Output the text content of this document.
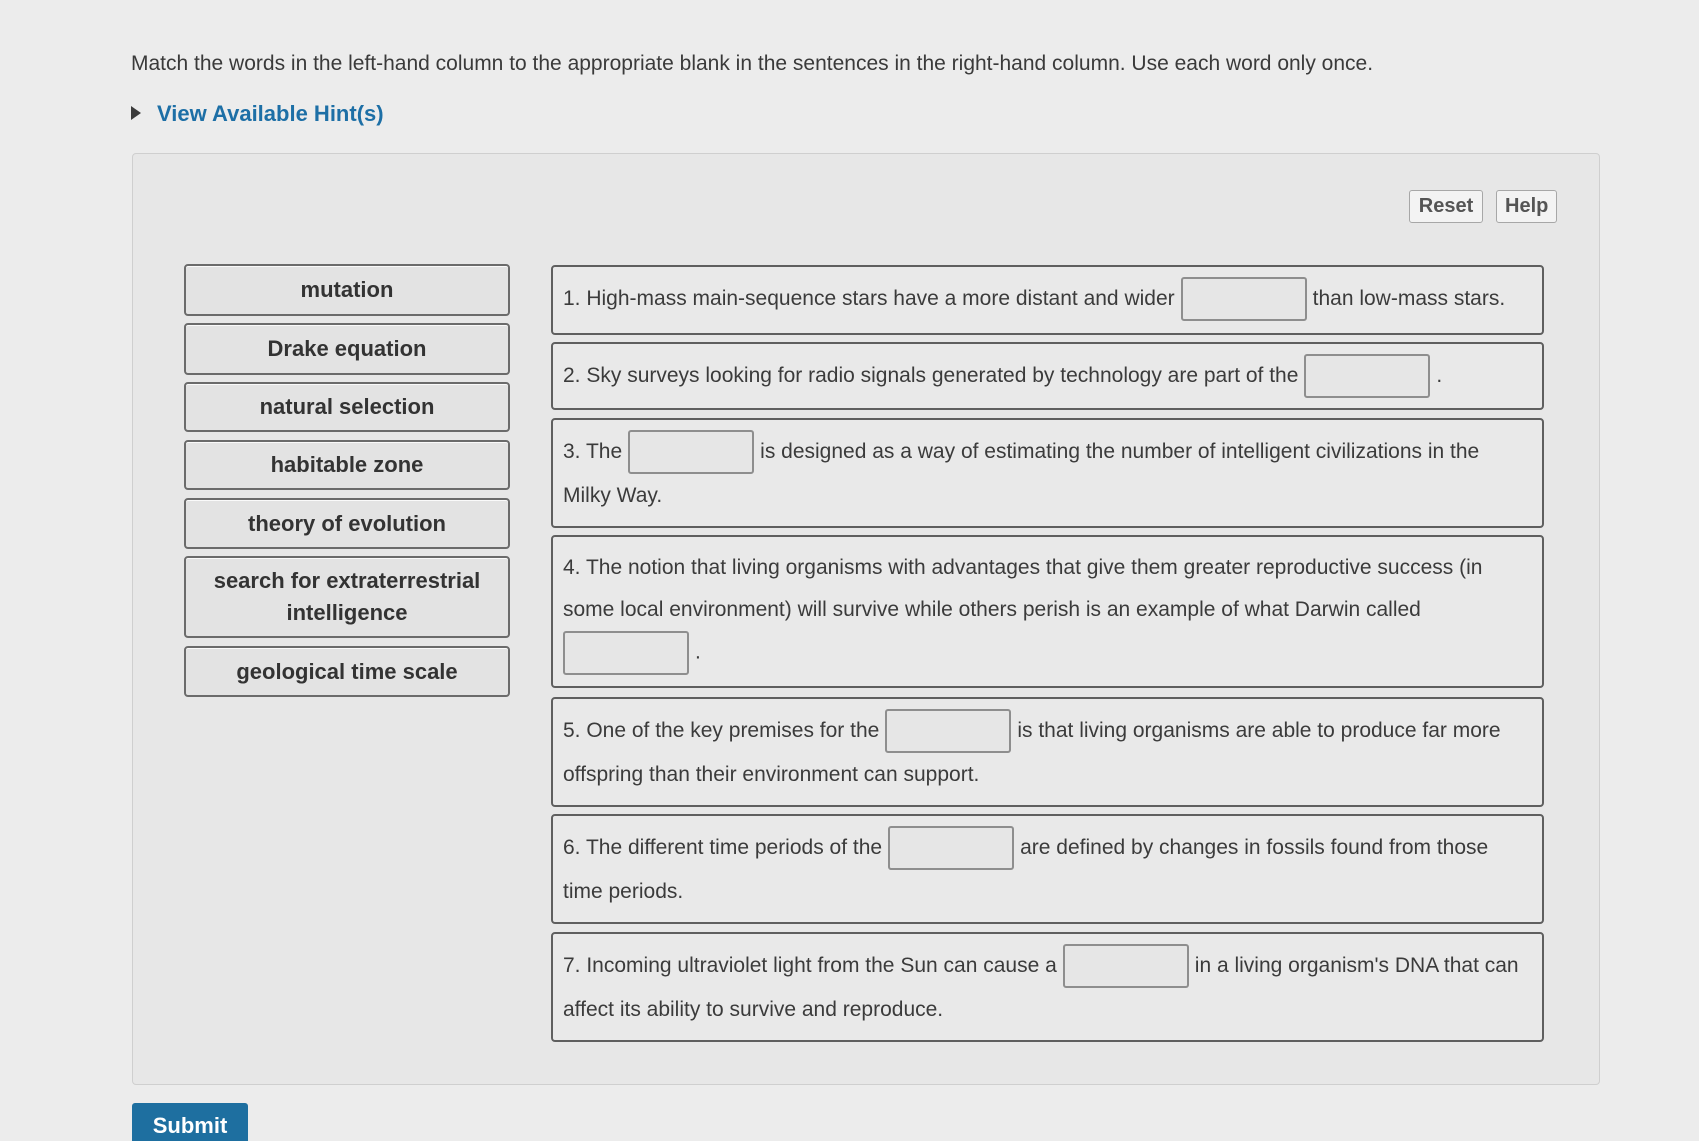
Match the words in the left-hand column to the appropriate blank in the sentences in the right-hand column. Use each word only once.
View Available Hint(s)
Reset	Help
mutation
Drake equation
natural selection
habitable zone
theory of evolution
search for extraterrestrial intelligence
geological time scale
1. High-mass main-sequence stars have a more distant and wider	than low-mass stars.
2. Sky surveys looking for radio signals generated by technology are part of the	.
3. The	is designed as a way of estimating the number of intelligent civilizations in the Milky Way.
4. The notion that living organisms with advantages that give them greater reproductive success (in some local environment) will survive while others perish is an example of what Darwin called
.
5. One of the key premises for the	is that living organisms are able to produce far more offspring than their environment can support.
6. The different time periods of the	are defined by changes in fossils found from those time periods.
7. Incoming ultraviolet light from the Sun can cause a	in a living organism's DNA that can affect its ability to survive and reproduce.
Submit
